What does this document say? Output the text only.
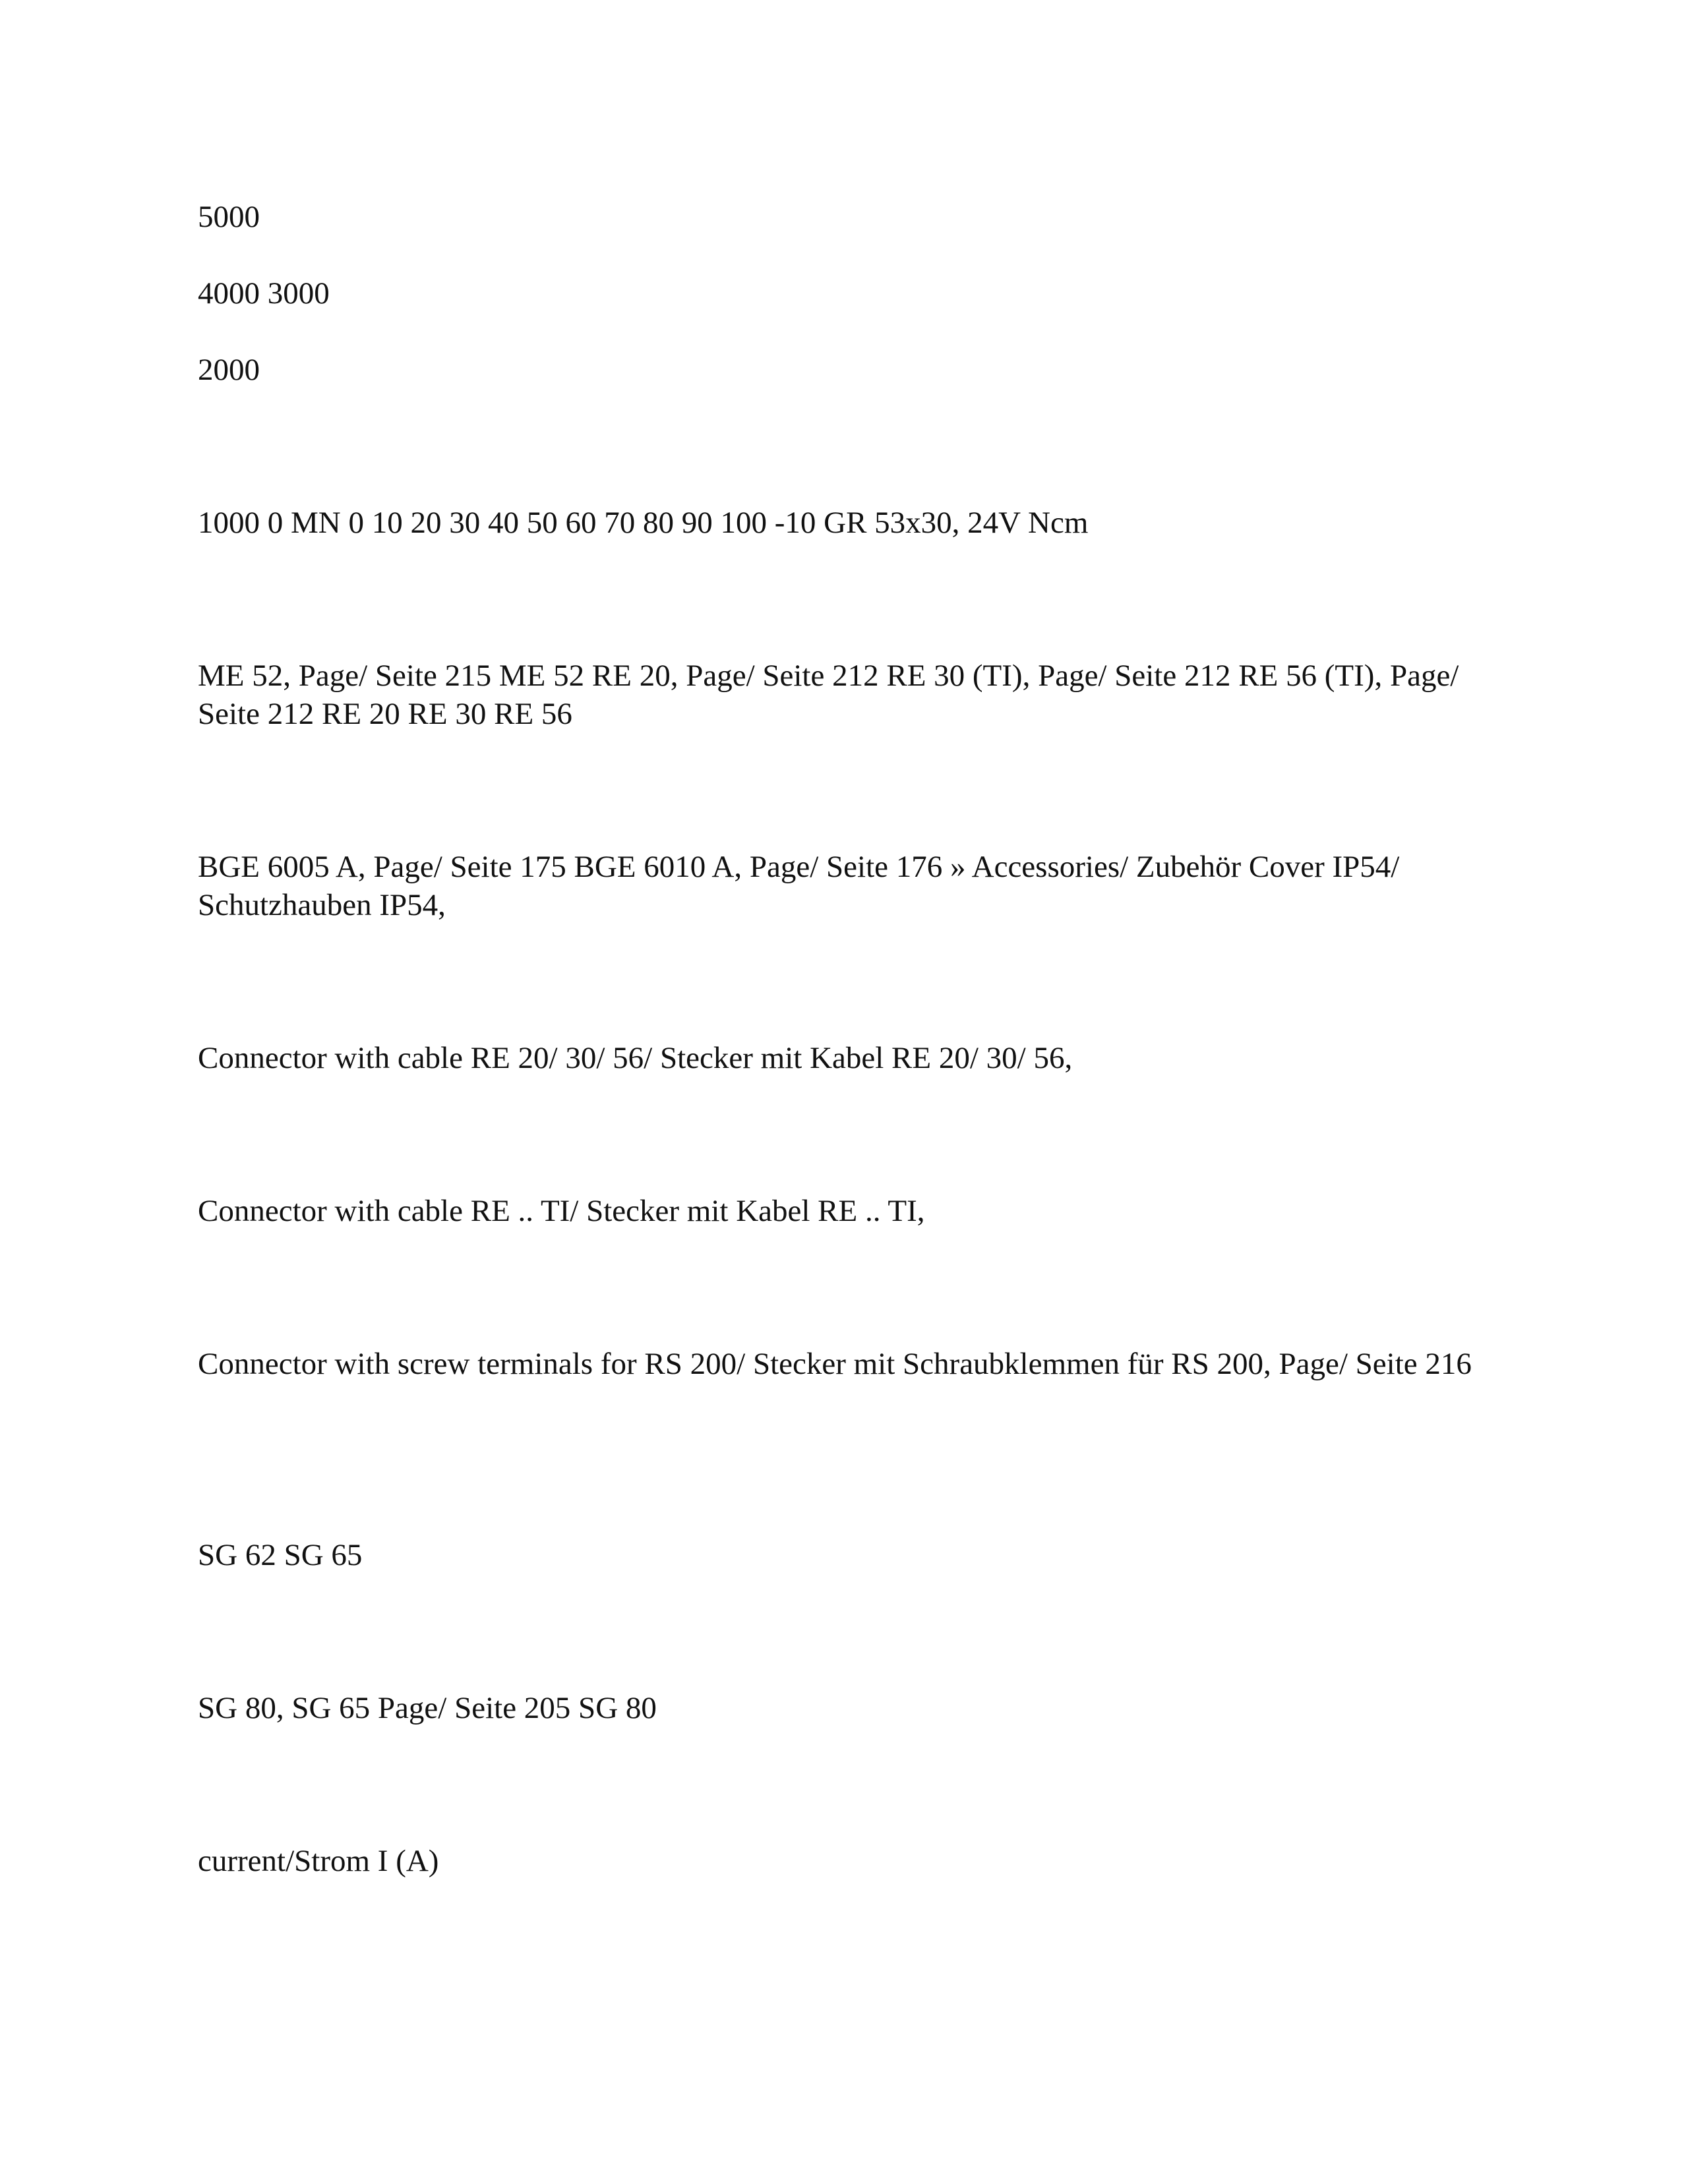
5000

4000 3000

2000

1000 0 MN 0 10 20 30 40 50 60 70 80 90 100 -10 GR 53x30, 24V Ncm

ME 52, Page/ Seite 215 ME 52 RE 20, Page/ Seite 212 RE 30 (TI), Page/ Seite 212 RE 56 (TI), Page/ Seite 212 RE 20 RE 30 RE 56

BGE 6005 A, Page/ Seite 175 BGE 6010 A, Page/ Seite 176 » Accessories/ Zubehör Cover IP54/ Schutzhauben IP54,

Connector with cable RE 20/ 30/ 56/ Stecker mit Kabel RE 20/ 30/ 56,

Connector with cable RE .. TI/ Stecker mit Kabel RE .. TI,

Connector with screw terminals for RS 200/ Stecker mit Schraubklemmen für RS 200, Page/ Seite 216

SG 62 SG 65

SG 80, SG 65 Page/ Seite 205 SG 80

current/Strom I (A)
